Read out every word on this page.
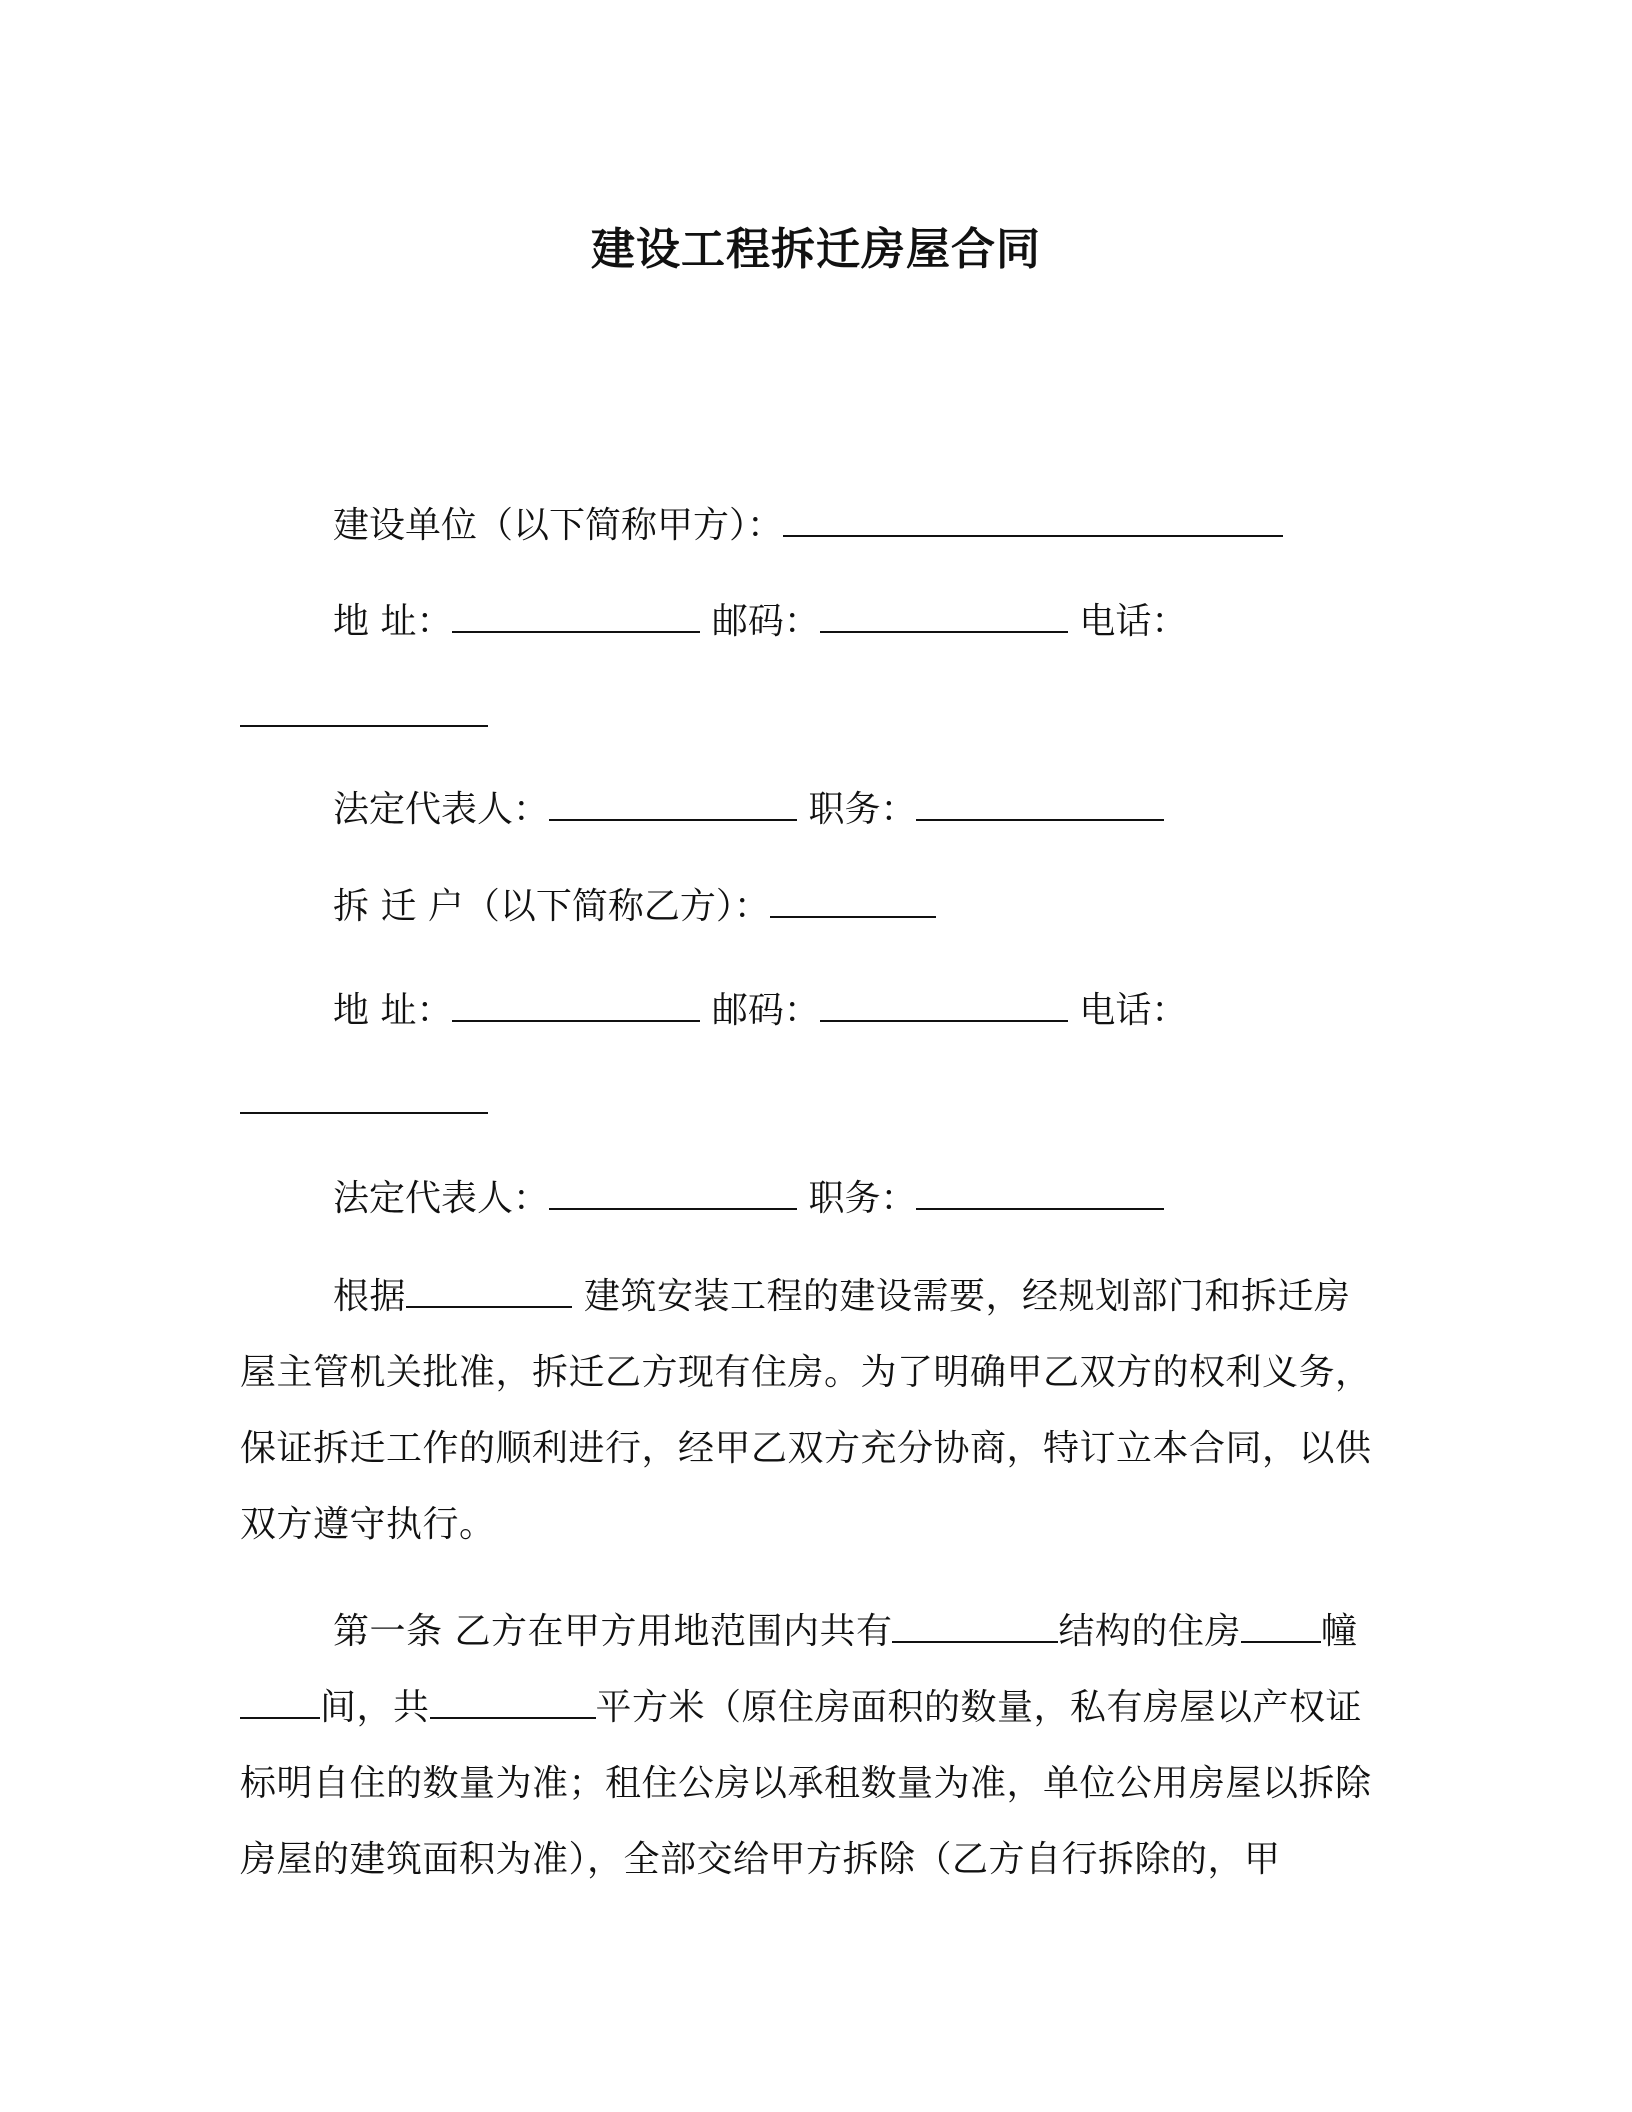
建设工程拆迁房屋合同
建设单位（以下简称甲方）：
地 址：	邮码：	电话：
法定代表人：	职务：
拆 迁 户（以下简称乙方）：
地 址：	邮码：	电话：
法定代表人：	职务：
根据	建筑安装工程的建设需要，经规划部门和拆迁房屋主管机关批准，拆迁乙方现有住房。为了明确甲乙双方的权利义务，保证拆迁工作的顺利进行，经甲乙双方充分协商，特订立本合同，以供双方遵守执行。
第一条 乙方在甲方用地范围内共有	结构的住房 幢间，共	平方米（原住房面积的数量，私有房屋以产权证标明自住的数量为准；租住公房以承租数量为准，单位公用房屋以拆除房屋的建筑面积为准），全部交给甲方拆除（乙方自行拆除的，甲
